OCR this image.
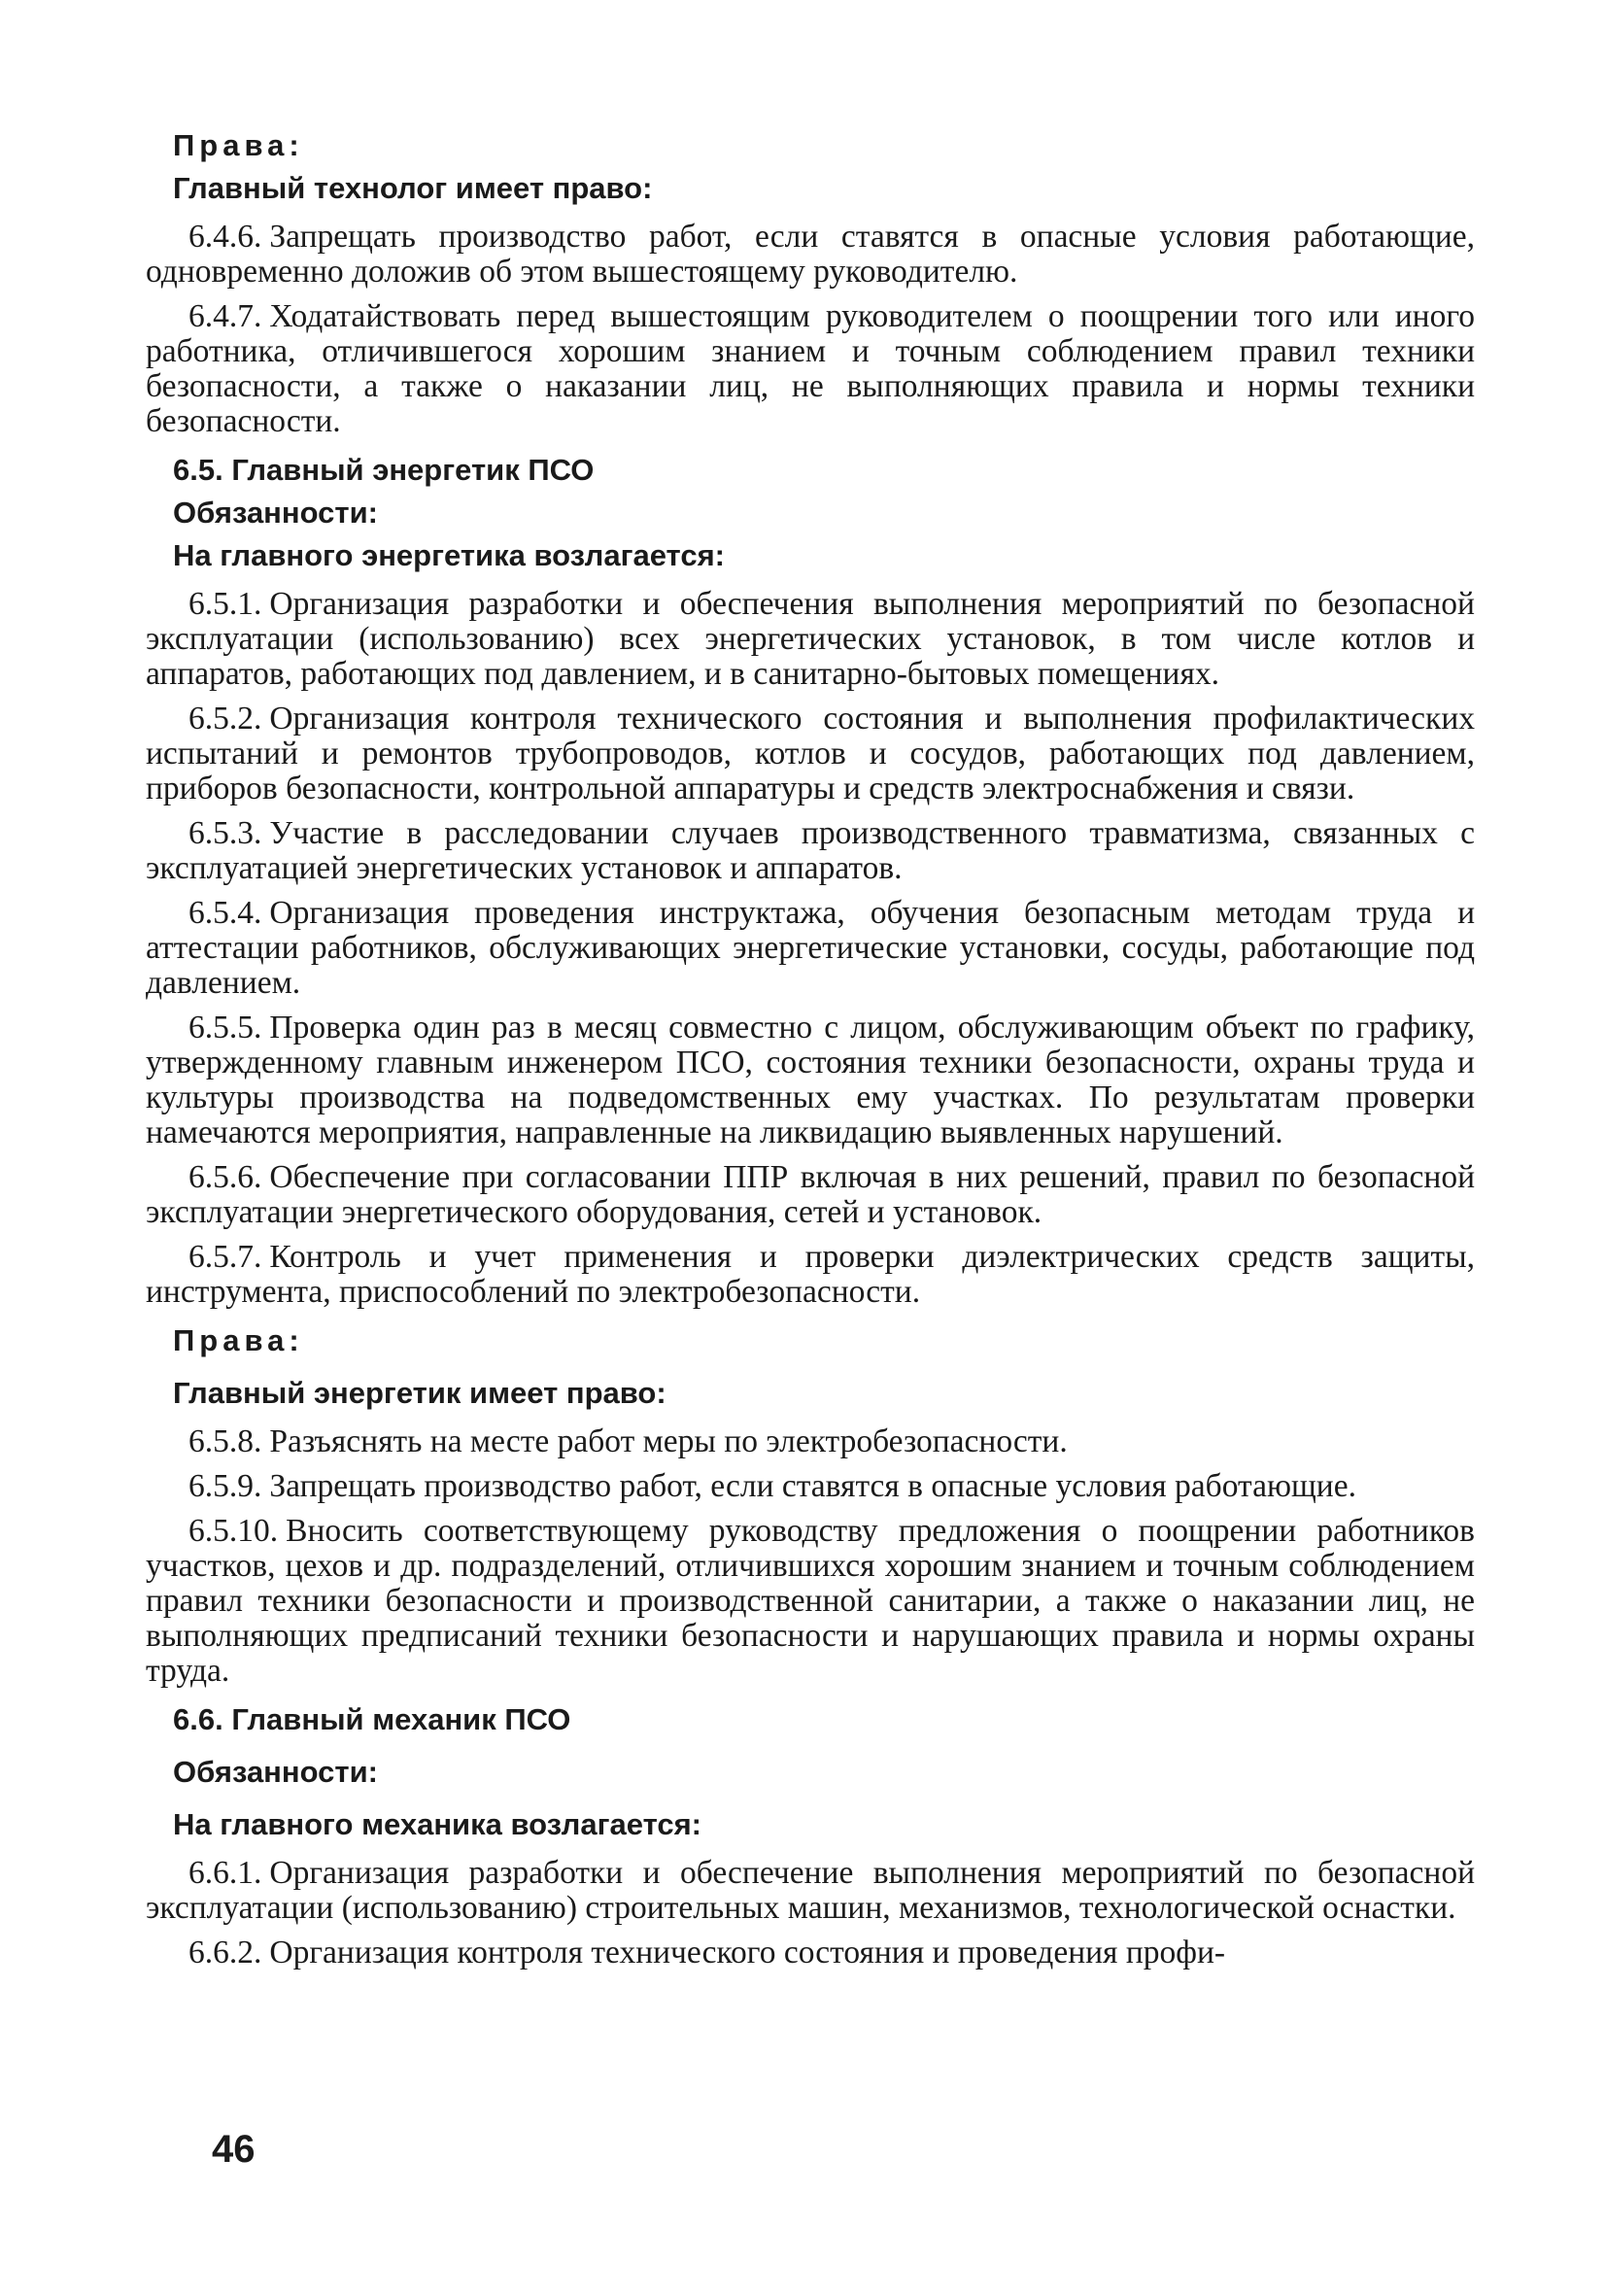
Права:

Главный технолог имеет право:

6.4.6. Запрещать производство работ, если ставятся в опасные условия работающие, одновременно доложив об этом вышестоящему руководителю.

6.4.7. Ходатайствовать перед вышестоящим руководителем о поощрении того или иного работника, отличившегося хорошим знанием и точным соблюдением правил техники безопасности, а также о наказании лиц, не выполняющих правила и нормы техники безопасности.

6.5. Главный энергетик ПСО

Обязанности:

На главного энергетика возлагается:

6.5.1. Организация разработки и обеспечения выполнения мероприятий по безопасной эксплуатации (использованию) всех энергетических установок, в том числе котлов и аппаратов, работающих под давлением, и в санитарно-бытовых помещениях.

6.5.2. Организация контроля технического состояния и выполнения профилактических испытаний и ремонтов трубопроводов, котлов и сосудов, работающих под давлением, приборов безопасности, контрольной аппаратуры и средств электроснабжения и связи.

6.5.3. Участие в расследовании случаев производственного травматизма, связанных с эксплуатацией энергетических установок и аппаратов.

6.5.4. Организация проведения инструктажа, обучения безопасным методам труда и аттестации работников, обслуживающих энергетические установки, сосуды, работающие под давлением.

6.5.5. Проверка один раз в месяц совместно с лицом, обслуживающим объект по графику, утвержденному главным инженером ПСО, состояния техники безопасности, охраны труда и культуры производства на подведомственных ему участках. По результатам проверки намечаются мероприятия, направленные на ликвидацию выявленных нарушений.

6.5.6. Обеспечение при согласовании ППР включая в них решений, правил по безопасной эксплуатации энергетического оборудования, сетей и установок.

6.5.7. Контроль и учет применения и проверки диэлектрических средств защиты, инструмента, приспособлений по электробезопасности.

Права:

Главный энергетик имеет право:

6.5.8. Разъяснять на месте работ меры по электробезопасности.

6.5.9. Запрещать производство работ, если ставятся в опасные условия работающие.

6.5.10. Вносить соответствующему руководству предложения о поощрении работников участков, цехов и др. подразделений, отличившихся хорошим знанием и точным соблюдением правил техники безопасности и производственной санитарии, а также о наказании лиц, не выполняющих предписаний техники безопасности и нарушающих правила и нормы охраны труда.

6.6. Главный механик ПСО

Обязанности:

На главного механика возлагается:

6.6.1. Организация разработки и обеспечение выполнения мероприятий по безопасной эксплуатации (использованию) строительных машин, механизмов, технологической оснастки.

6.6.2. Организация контроля технического состояния и проведения профи-

46
